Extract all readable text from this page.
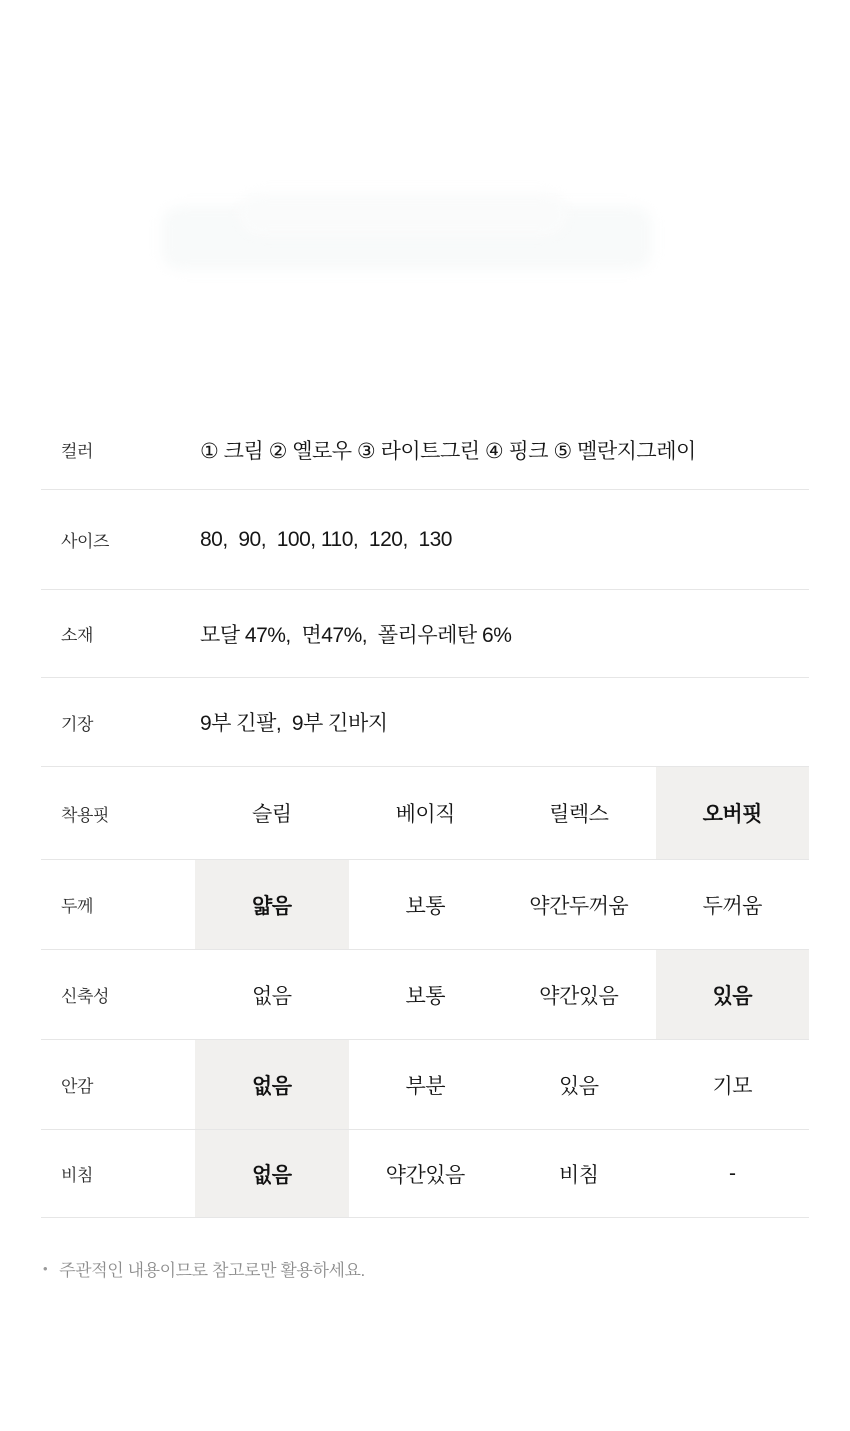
컬러	① 크림 ② 옐로우 ③ 라이트그린 ④ 핑크 ⑤ 멜란지그레이
사이즈	80,  90,  100, 110,  120,  130
소재	모달 47%,  면47%,  폴리우레탄 6%
기장	9부 긴팔,  9부 긴바지
착용핏	슬림	베이직	릴렉스	오버핏
두께	얇음	보통	약간두꺼움	두꺼움
신축성	없음	보통	약간있음	있음
안감	없음	부분	있음	기모
비침	없음	약간있음	비침	-
• 주관적인 내용이므로 참고로만 활용하세요.
